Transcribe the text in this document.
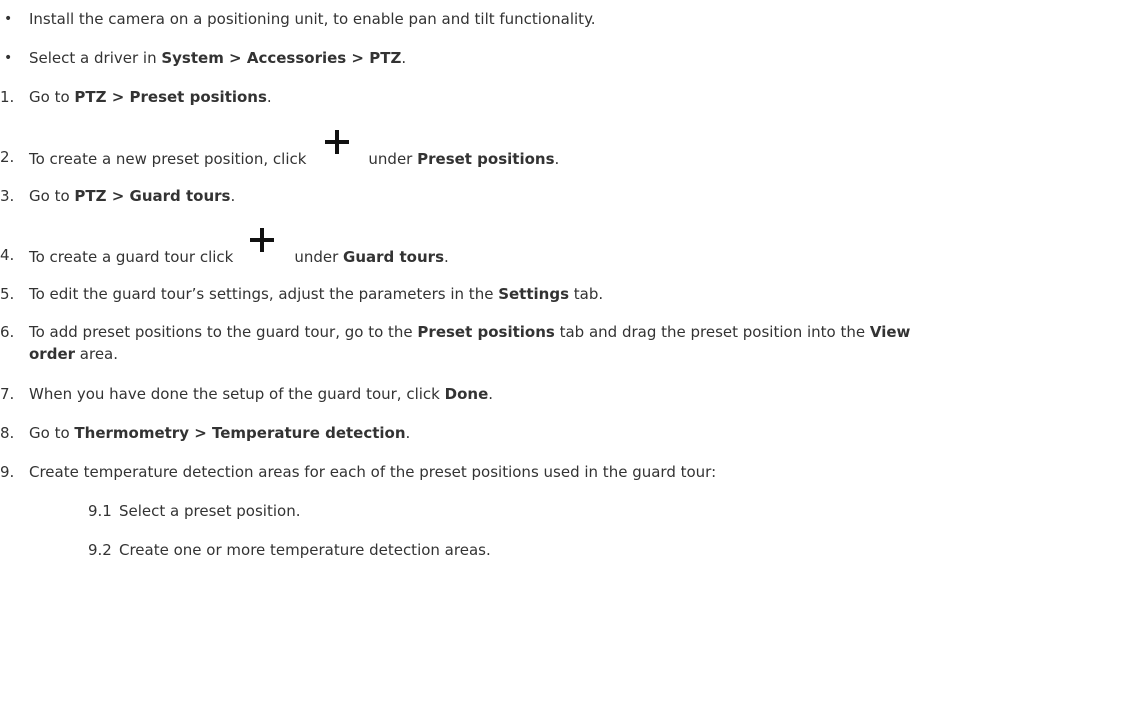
• Install the camera on a positioning unit, to enable pan and tilt functionality.
• Select a driver in System > Accessories > PTZ.
1. Go to PTZ > Preset positions.
2. To create a new preset position, click	under Preset positions.
3. Go to PTZ > Guard tours.
4. To create a guard tour click	under Guard tours.
5. To edit the guard tour’s settings, adjust the parameters in the Settings tab.
6. To add preset positions to the guard tour, go to the Preset positions tab and drag the preset position into the View
order area.
7. When you have done the setup of the guard tour, click Done.
8. Go to Thermometry > Temperature detection.
9. Create temperature detection areas for each of the preset positions used in the guard tour:
9.1 Select a preset position.
9.2 Create one or more temperature detection areas.
